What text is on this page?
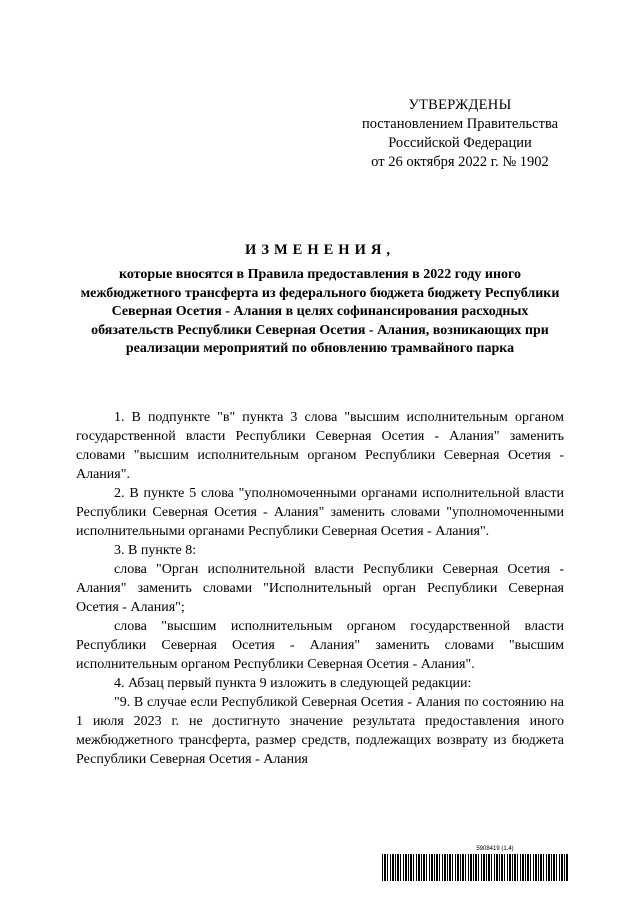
УТВЕРЖДЕНЫ
постановлением Правительства
Российской Федерации
от 26 октября 2022 г. № 1902
ИЗМЕНЕНИЯ,
которые вносятся в Правила предоставления в 2022 году иного межбюджетного трансферта из федерального бюджета бюджету Республики Северная Осетия - Алания в целях софинансирования расходных обязательств Республики Северная Осетия - Алания, возникающих при реализации мероприятий по обновлению трамвайного парка

1. В подпункте "в" пункта 3 слова "высшим исполнительным органом государственной власти Республики Северная Осетия - Алания" заменить словами "высшим исполнительным органом Республики Северная Осетия - Алания".

2. В пункте 5 слова "уполномоченными органами исполнительной власти Республики Северная Осетия - Алания" заменить словами "уполномоченными исполнительными органами Республики Северная Осетия - Алания".

3. В пункте 8:

слова "Орган исполнительной власти Республики Северная Осетия - Алания" заменить словами "Исполнительный орган Республики Северная Осетия - Алания";

слова "высшим исполнительным органом государственной власти Республики Северная Осетия - Алания" заменить словами "высшим исполнительным органом Республики Северная Осетия - Алания".

4. Абзац первый пункта 9 изложить в следующей редакции:

"9. В случае если Республикой Северная Осетия - Алания по состоянию на 1 июля 2023 г. не достигнуто значение результата предоставления иного межбюджетного трансферта, размер средств, подлежащих возврату из бюджета Республики Северная Осетия - Алания

5908419 (1.4)
